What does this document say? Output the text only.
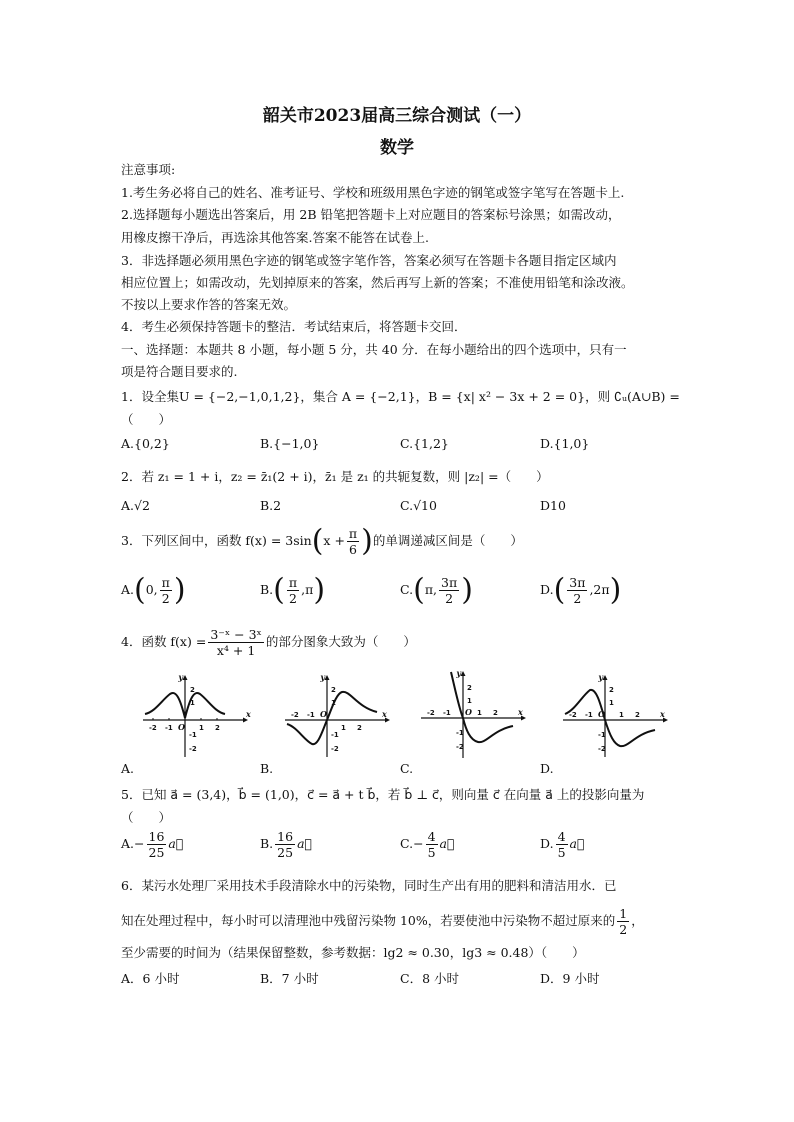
韶关市2023届高三综合测试（一）
数学
注意事项:
1.考生务必将自己的姓名、准考证号、学校和班级用黑色字迹的钢笔或签字笔写在答题卡上.
2.选择题每小题选出答案后，用 2B 铅笔把答题卡上对应题目的答案标号涂黑；如需改动，
用橡皮擦干净后，再选涂其他答案.答案不能答在试卷上.
3．非选择题必须用黑色字迹的钢笔或签字笔作答，答案必须写在答题卡各题目指定区域内
相应位置上；如需改动，先划掉原来的答案，然后再写上新的答案；不准使用铅笔和涂改液。
不按以上要求作答的答案无效。
4．考生必须保持答题卡的整洁．考试结束后，将答题卡交回．
一、选择题：本题共 8 小题，每小题 5 分，共 40 分．在每小题给出的四个选项中，只有一
项是符合题目要求的.
1．设全集U = {−2,−1,0,1,2}，集合 A = {−2,1}，B = {x| x² − 3x + 2 = 0}，则 ∁ᵤ(A∪B) =
（　　）
A.{0,2}	B.{−1,0}	C.{1,2}	D.{1,0}
2．若 z₁ = 1 + i，z₂ = z̄₁(2 + i)，z̄₁ 是 z₁ 的共轭复数，则 |z₂| =（　　）
A.√2	B.2	C.√10	D10
3．下列区间中，函数 $f(x) = 3\sin(x + \frac{\pi}{6}$ )的单调递减区间是（　　）
A.(0, $\frac{\pi}{2}$ )	$B.( \frac{\pi}{2} ,\pi)$	C.(π, $\frac{3\pi}{2}$ )	$D.( \frac{3\pi}{2} ,2\pi)$
4．函数 $f(x) = \frac{\text{3⁻ˣ − 3ˣ}}{\text{x⁴ + 1}}$ 的部分图象大致为（　　）
y
x
O
2
1
-1
-2
-2 -1	1 2
y
x
O
2
1
-1
-2
-2 -1
1 2
y
x
O
2
1
-1
-2
-2 -1	1 2
y
x
O
2
1
-1
-2
-2 -1	1 2
A.	B.	C.	D.
5．已知 a⃗ = (3,4)，b⃗ = (1,0)，c⃗ = a⃗ + t b⃗，若 b⃗ ⊥ c⃗，则向量 c⃗ 在向量 a⃗ 上的投影向量为
（　　）
$A.- \frac{16}{25}$ a⃗	B. $\frac{16}{25}$ a⃗	$C.- \frac{4}{5}$ a⃗	D. $\frac{4}{5}$ a⃗
6．某污水处理厂采用技术手段清除水中的污染物，同时生产出有用的肥料和清洁用水．已
知在处理过程中，每小时可以清理池中残留污染物 10%，若要使池中污染物不超过原来的 $\frac{1}{2}$ ，
至少需要的时间为（结果保留整数，参考数据：lg2 ≈ 0.30，lg3 ≈ 0.48）（　　）
A．6 小时	B．7 小时	C．8 小时	D．9 小时
